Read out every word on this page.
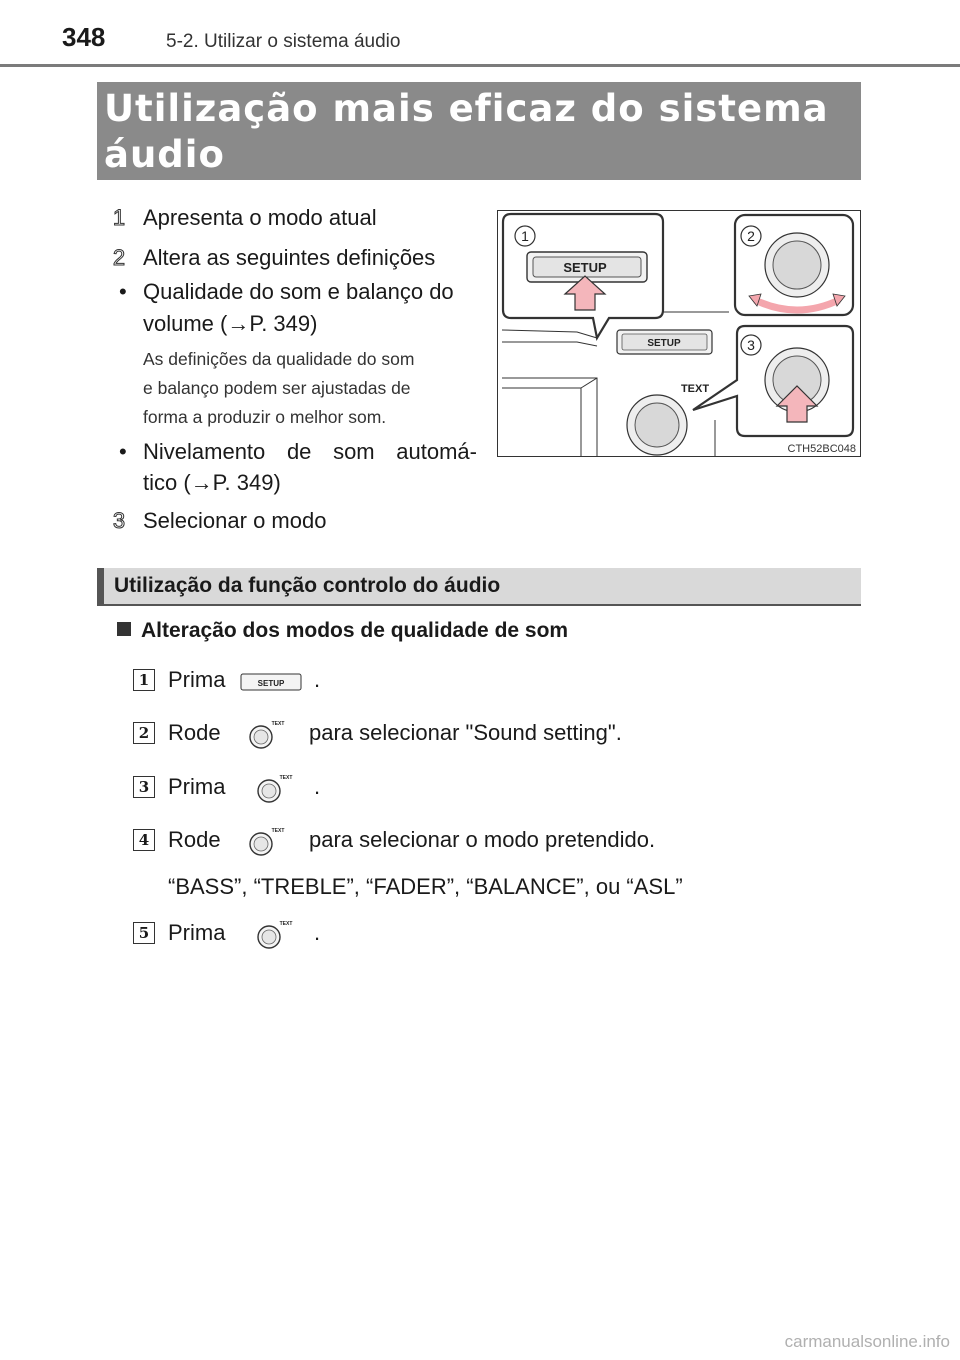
348	5-2. Utilizar o sistema áudio
Utilização mais eficaz do sistema
áudio
1 Apresenta o modo atual
2 Altera as seguintes definições
• Qualidade do som e balanço do
volume (→P. 349)
As definições da qualidade do som
e balanço podem ser ajustadas de
forma a produzir o melhor som.
• Nivelamento de som automá-
tico (→P. 349)
3 Selecionar o modo
SETUP
TEXT
1
SETUP
2
3
CTH52BC048
Utilização da função controlo do áudio
Alteração dos modos de qualidade de som
1 Prima	SETUP .
2 Rode	TEXT para selecionar "Sound setting".
3 Prima	TEXT .
4 Rode	TEXT para selecionar o modo pretendido.
“BASS”, “TREBLE”, “FADER”, “BALANCE”, ou “ASL”
5 Prima	TEXT .
carmanualsonline.info
